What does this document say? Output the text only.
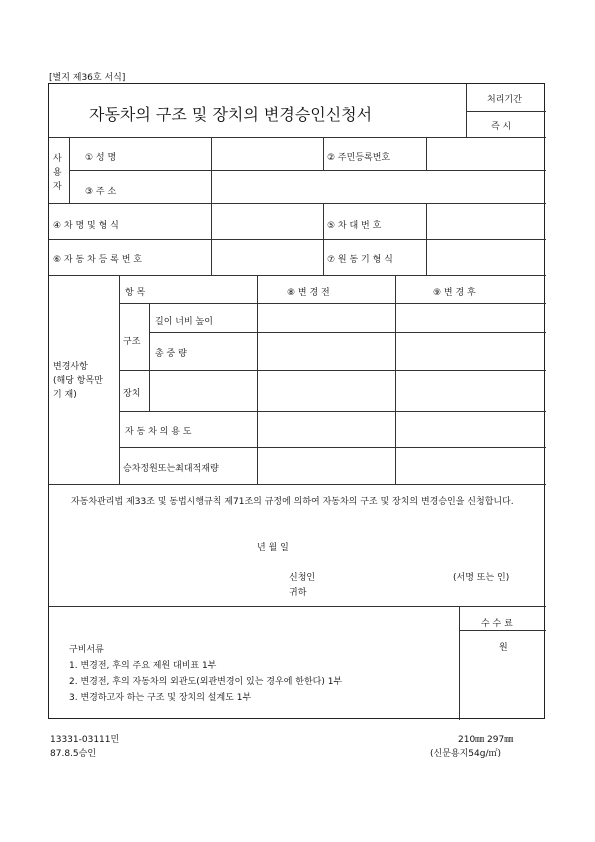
[별지 제36호 서식]
자동차의 구조 및 장치의 변경승인신청서
처리기간
즉 시
사
용
자
① 성 명	② 주민등록번호
③ 주 소
④ 차 명 및 형 식	⑤ 차 대 번 호
⑥ 자 동 차 등 록 번 호	⑦ 원 동 기 형 식
변경사항
(해당 항목만
기 재)
항 목	⑧ 변 경 전	⑨ 변 경 후
구조
길이 너비 높이
총 중 량
장치
자 동 차 의 용 도
승차정원또는최대적재량
자동차관리법 제33조 및 동법시행규칙 제71조의 규정에 의하여 자동차의 구조 및 장치의 변경승인을 신청합니다.
년 월 일
신청인	(서명 또는 인)
귀하
구비서류
1. 변경전, 후의 주요 제원 대비표 1부
2. 변경전, 후의 자동차의 외관도(외관변경이 있는 경우에 한한다) 1부
3. 변경하고자 하는 구조 및 장치의 설계도 1부
수 수 료
원
13331-03111민
87.8.5승인
210㎜ 297㎜
(신문용지54g/㎡)
